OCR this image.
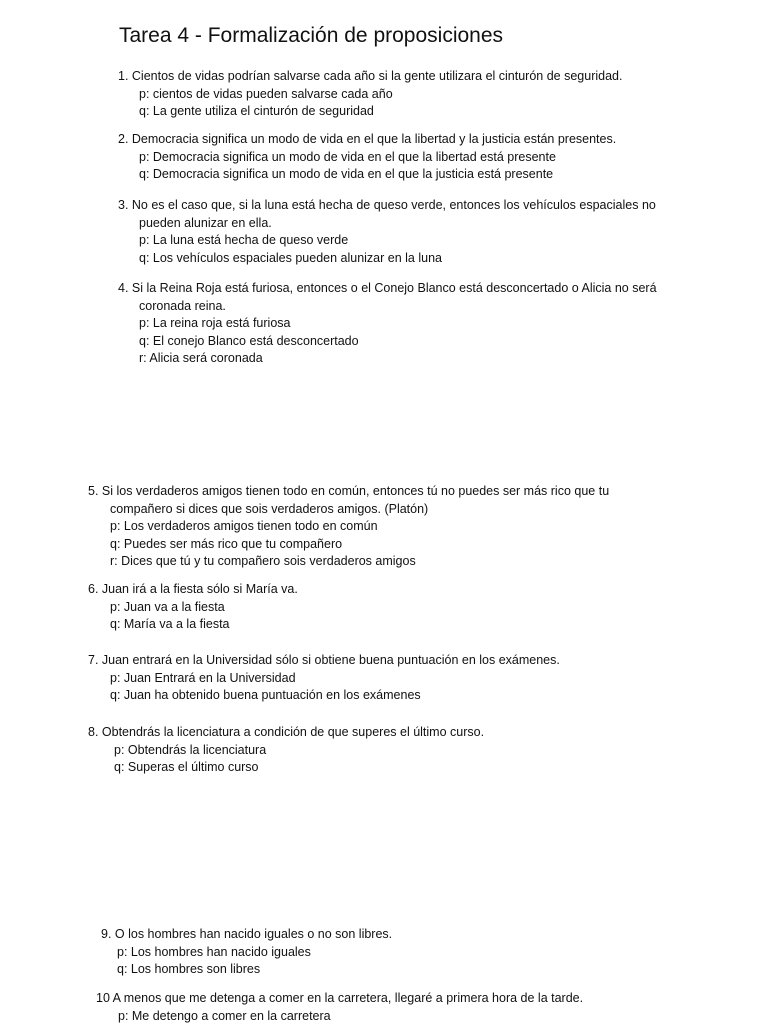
Tarea 4 - Formalización de proposiciones
1. Cientos de vidas podrían salvarse cada año si la gente utilizara el cinturón de seguridad.
p: cientos de vidas pueden salvarse cada año
q: La gente utiliza el cinturón de seguridad
2. Democracia significa un modo de vida en el que la libertad y la justicia están presentes.
p: Democracia significa un modo de vida en el que la libertad está presente
q: Democracia significa un modo de vida en el que la justicia está presente
3. No es el caso que, si la luna está hecha de queso verde, entonces los vehículos espaciales no
pueden alunizar en ella.
p: La luna está hecha de queso verde
q: Los vehículos espaciales pueden alunizar en la luna
4. Si la Reina Roja está furiosa, entonces o el Conejo Blanco está desconcertado o Alicia no será
coronada reina.
p: La reina roja está furiosa
q: El conejo Blanco está desconcertado
r: Alicia será coronada
5. Si los verdaderos amigos tienen todo en común, entonces tú no puedes ser más rico que tu
compañero si dices que sois verdaderos amigos. (Platón)
p: Los verdaderos amigos tienen todo en común
q: Puedes ser más rico que tu compañero
r: Dices que tú y tu compañero sois verdaderos amigos
6. Juan irá a la fiesta sólo si María va.
p: Juan va a la fiesta
q: María va a la fiesta
7. Juan entrará en la Universidad sólo si obtiene buena puntuación en los exámenes.
p: Juan Entrará en la Universidad
q: Juan ha obtenido buena puntuación en los exámenes
8. Obtendrás la licenciatura a condición de que superes el último curso.
p: Obtendrás la licenciatura
q: Superas el último curso
9. O los hombres han nacido iguales o no son libres.
p: Los hombres han nacido iguales
q: Los hombres son libres
10 A menos que me detenga a comer en la carretera, llegaré a primera hora de la tarde.
p: Me detengo a comer en la carretera
